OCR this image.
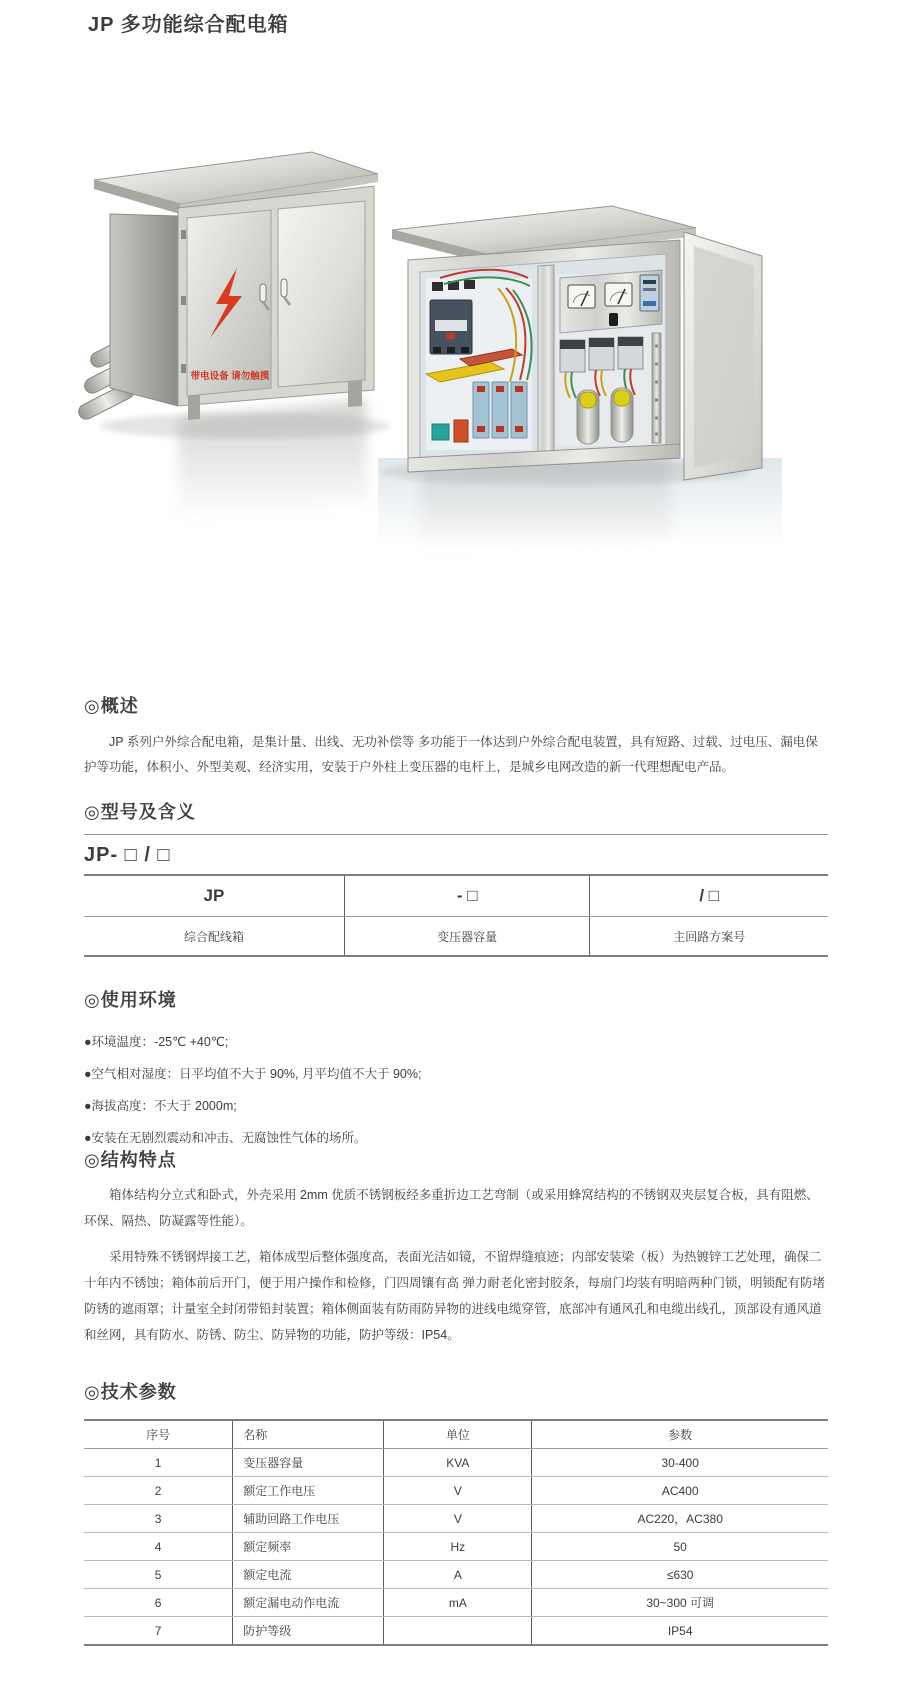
JP 多功能综合配电箱
带电设备 请勿触摸
◎概述

JP 系列户外综合配电箱，是集计量、出线、无功补偿等 多功能于一体达到户外综合配电装置，具有短路、过载、过电压、漏电保护等功能，体积小、外型美观、经济实用，安装于户外柱上变压器的电杆上，是城乡电网改造的新一代理想配电产品。

◎型号及含义
JP- □ / □
JP	- □	/ □
综合配线箱	变压器容量	主回路方案号
◎使用环境
●环境温度：-25℃ +40℃;
●空气相对湿度：日平均值不大于 90%, 月平均值不大于 90%;
●海拔高度：不大于 2000m;
●安装在无剧烈震动和冲击、无腐蚀性气体的场所。
◎结构特点

箱体结构分立式和卧式，外壳采用 2mm 优质不锈钢板经多重折边工艺弯制（或采用蜂窝结构的不锈钢双夹层复合板，具有阻燃、环保、隔热、防凝露等性能）。

采用特殊不锈钢焊接工艺，箱体成型后整体强度高，表面光洁如镜，不留焊缝痕迹；内部安装梁（板）为热镀锌工艺处理，确保二十年内不锈蚀；箱体前后开门，便于用户操作和检修，门四周镶有高 弹力耐老化密封胶条，每扇门均装有明暗两种门锁，明锁配有防堵防锈的遮雨罩；计量室全封闭带铅封装置；箱体侧面装有防雨防异物的进线电缆穿管，底部冲有通风孔和电缆出线孔，顶部设有通风道和丝网，具有防水、防锈、防尘、防异物的功能，防护等级：IP54。

◎技术参数
序号	名称	单位	参数
1	变压器容量	KVA	30-400
2	额定工作电压	V	AC400
3	辅助回路工作电压	V	AC220，AC380
4	额定频率	Hz	50
5	额定电流	A	≤630
6	额定漏电动作电流	mA	30~300 可调
7	防护等级		IP54
